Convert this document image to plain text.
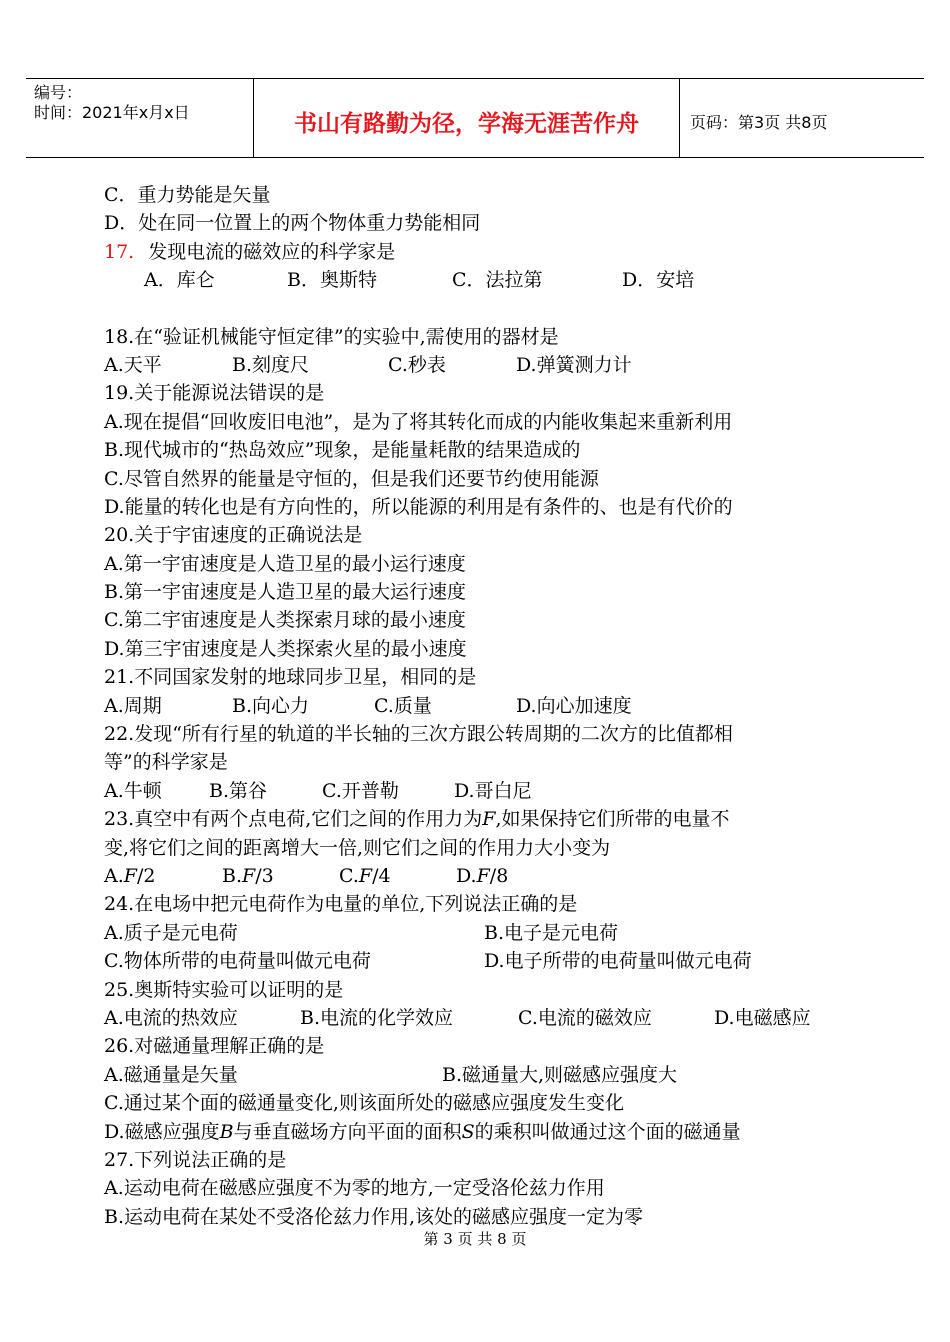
编号：
时间：2021年x月x日	书山有路勤为径，学海无涯苦作舟	页码：第3页 共8页
C．重力势能是矢量
D．处在同一位置上的两个物体重力势能相同
17. 发现电流的磁效应的科学家是
A．库仑	B．奥斯特	C．法拉第	D．安培
18.在“验证机械能守恒定律”的实验中,需使用的器材是
A.天平	B.刻度尺	C.秒表	D.弹簧测力计
19.关于能源说法错误的是
A.现在提倡“回收废旧电池”，是为了将其转化而成的内能收集起来重新利用
B.现代城市的“热岛效应”现象，是能量耗散的结果造成的
C.尽管自然界的能量是守恒的，但是我们还要节约使用能源
D.能量的转化也是有方向性的，所以能源的利用是有条件的、也是有代价的
20.关于宇宙速度的正确说法是
A.第一宇宙速度是人造卫星的最小运行速度
B.第一宇宙速度是人造卫星的最大运行速度
C.第二宇宙速度是人类探索月球的最小速度
D.第三宇宙速度是人类探索火星的最小速度
21.不同国家发射的地球同步卫星，相同的是
A.周期	B.向心力	C.质量	D.向心加速度
22.发现“所有行星的轨道的半长轴的三次方跟公转周期的二次方的比值都相
等”的科学家是
A.牛顿 B.第谷	C.开普勒	D.哥白尼
23.真空中有两个点电荷,它们之间的作用力为F,如果保持它们所带的电量不
变,将它们之间的距离增大一倍,则它们之间的作用力大小变为
A.F/2	B.F/3	C.F/4	D.F/8
24.在电场中把元电荷作为电量的单位,下列说法正确的是
A.质子是元电荷	B.电子是元电荷
C.物体所带的电荷量叫做元电荷	D.电子所带的电荷量叫做元电荷
25.奥斯特实验可以证明的是
A.电流的热效应	B.电流的化学效应	C.电流的磁效应	D.电磁感应
26.对磁通量理解正确的是
A.磁通量是矢量	B.磁通量大,则磁感应强度大
C.通过某个面的磁通量变化,则该面所处的磁感应强度发生变化
D.磁感应强度B与垂直磁场方向平面的面积S的乘积叫做通过这个面的磁通量
27.下列说法正确的是
A.运动电荷在磁感应强度不为零的地方,一定受洛伦兹力作用
B.运动电荷在某处不受洛伦兹力作用,该处的磁感应强度一定为零
第 3 页 共 8 页
